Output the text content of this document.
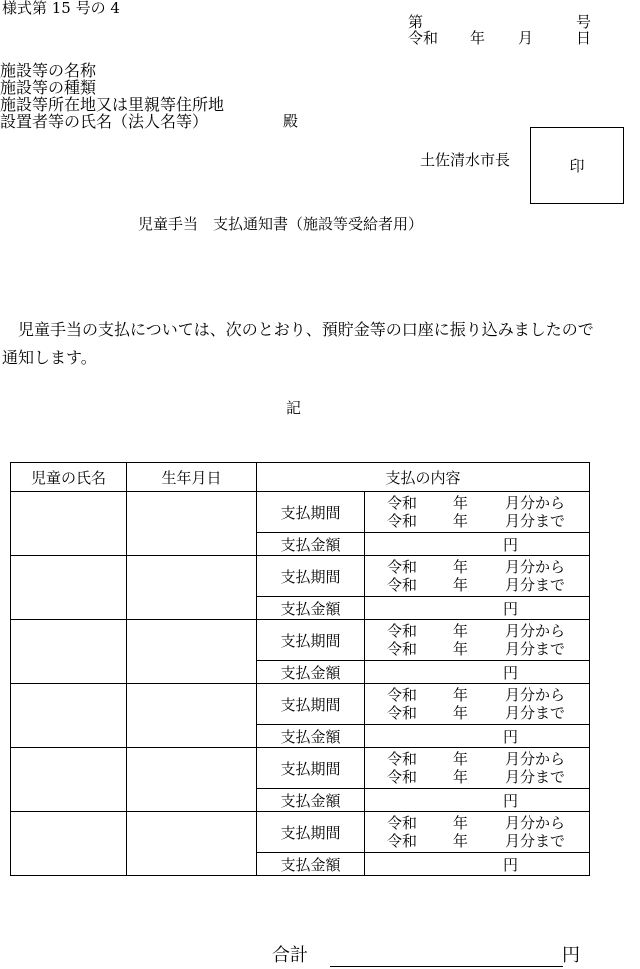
様式第 15 号の 4
第	号
令和 年 月	日
施設等の名称
施設等の種類
施設等所在地又は里親等住所地
設置者等の氏名（法人名等）	殿
土佐清水市長	印
児童手当　支払通知書（施設等受給者用）
　児童手当の支払については、次のとおり、預貯金等の口座に振り込みましたので通知します。
記
児童の氏名	生年月日	支払の内容	
		支払期間	令和 年 月分から
令和 年 月分まで

		支払金額	円
		支払期間	令和 年 月分から
令和 年 月分まで

		支払金額	円
		支払期間	令和 年 月分から
令和 年 月分まで

		支払金額	円
		支払期間	令和 年 月分から
令和 年 月分まで

		支払金額	円
		支払期間	令和 年 月分から
令和 年 月分まで

		支払金額	円
		支払期間	令和 年 月分から
令和 年 月分まで

		支払金額	円
合計	円
